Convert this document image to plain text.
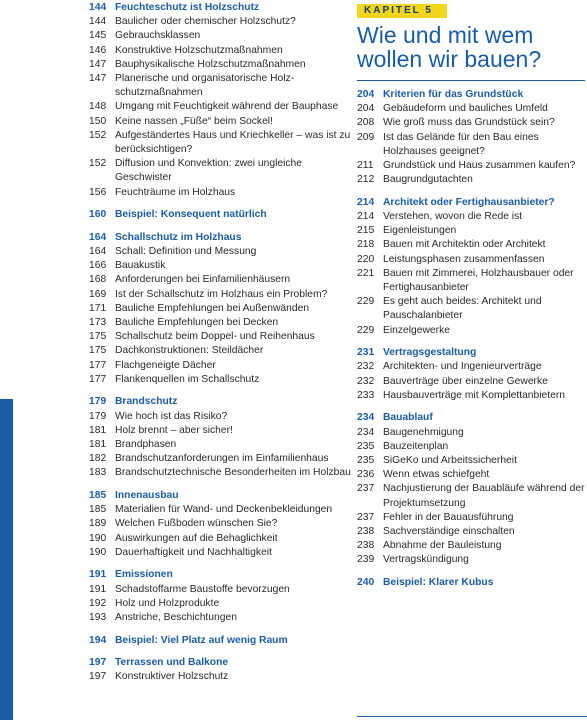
144 Feuchteschutz ist Holzschutz
144 Baulicher oder chemischer Holzschutz?
145 Gebrauchsklassen
146 Konstruktive Holzschutzmaßnahmen
147 Bauphysikalische Holzschutzmaßnahmen
147 Planerische und organisatorische Holz-schutzmaßnahmen
148 Umgang mit Feuchtigkeit während der Bauphase
150 Keine nassen „Füße“ beim Sockel!
152 Aufgeständertes Haus und Kriechkeller – was ist zu berücksichtigen?
152 Diffusion und Konvektion: zwei ungleiche Geschwister
156 Feuchträume im Holzhaus
160 Beispiel: Konsequent natürlich
164 Schallschutz im Holzhaus
164 Schall: Definition und Messung
166 Bauakustik
168 Anforderungen bei Einfamilienhäusern
169 Ist der Schallschutz im Holzhaus ein Problem?
171 Bauliche Empfehlungen bei Außenwänden
173 Bauliche Empfehlungen bei Decken
175 Schallschutz beim Doppel- und Reihenhaus
175 Dachkonstruktionen: Steildächer
177 Flachgeneigte Dächer
177 Flankenquellen im Schallschutz
179 Brandschutz
179 Wie hoch ist das Risiko?
181 Holz brennt – aber sicher!
181 Brandphasen
182 Brandschutzanforderungen im Einfamilienhaus
183 Brandschutztechnische Besonderheiten im Holzbau
185 Innenausbau
185 Materialien für Wand- und Deckenbekleidungen
189 Welchen Fußboden wünschen Sie?
190 Auswirkungen auf die Behaglichkeit
190 Dauerhaftigkeit und Nachhaltigkeit
191 Emissionen
191 Schadstoffarme Baustoffe bevorzugen
192 Holz und Holzprodukte
193 Anstriche, Beschichtungen
194 Beispiel: Viel Platz auf wenig Raum
197 Terrassen und Balkone
197 Konstruktiver Holzschutz
KAPITEL 5
Wie und mit wem
wollen wir bauen?
204 Kriterien für das Grundstück
204 Gebäudeform und bauliches Umfeld
208 Wie groß muss das Grundstück sein?
209 Ist das Gelände für den Bau eines Holzhauses geeignet?
211 Grundstück und Haus zusammen kaufen?
212 Baugrundgutachten
214 Architekt oder Fertighausanbieter?
214 Verstehen, wovon die Rede ist
215 Eigenleistungen
218 Bauen mit Architektin oder Architekt
220 Leistungsphasen zusammenfassen
221 Bauen mit Zimmerei, Holzhausbauer oder Fertighausanbieter
229 Es geht auch beides: Architekt und Pauschalanbieter
229 Einzelgewerke
231 Vertragsgestaltung
232 Architekten- und Ingenieurverträge
232 Bauverträge über einzelne Gewerke
233 Hausbauverträge mit Komplettanbietern
234 Bauablauf
234 Baugenehmigung
235 Bauzeitenplan
235 SiGeKo und Arbeitssicherheit
236 Wenn etwas schiefgeht
237 Nachjustierung der Bauabläufe während der Projektumsetzung
237 Fehler in der Bauausführung
238 Sachverständige einschalten
238 Abnahme der Bauleistung
239 Vertragskündigung
240 Beispiel: Klarer Kubus
